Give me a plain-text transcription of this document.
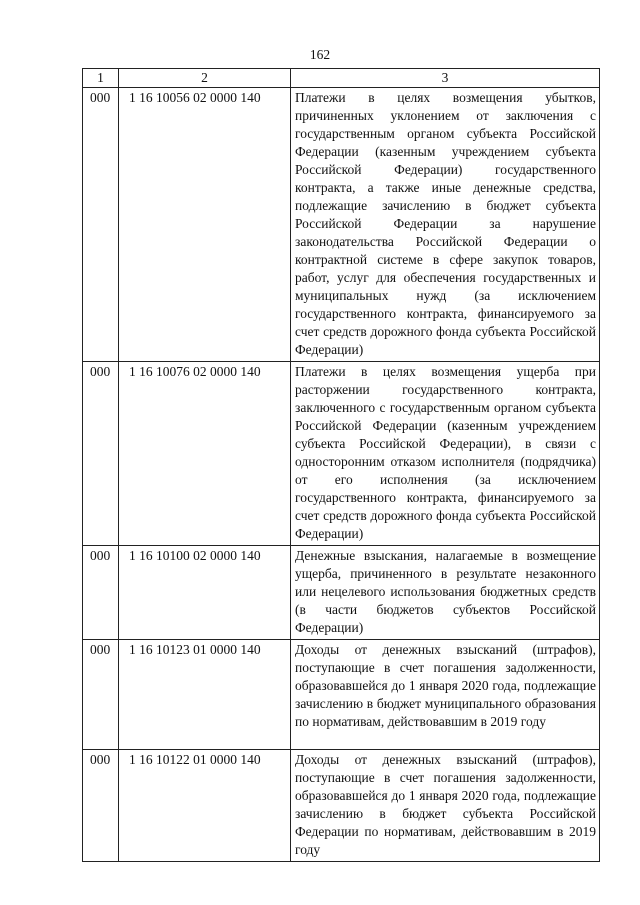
162
1	2	3
000	1 16 10056 02 0000 140	Платежи в целях возмещения убытков, причиненных уклонением от заключения с государственным органом субъекта Российской Федерации (казенным учреждением субъекта Российской Федерации) государственного контракта, а также иные денежные средства, подлежащие зачислению в бюджет субъекта Российской Федерации за нарушение законодательства Российской Федерации о контрактной системе в сфере закупок товаров, работ, услуг для обеспечения государственных и муниципальных нужд (за исключением государственного контракта, финансируемого за счет средств дорожного фонда субъекта Российской Федерации)
000	1 16 10076 02 0000 140	Платежи в целях возмещения ущерба при расторжении государственного контракта, заключенного с государственным органом субъекта Российской Федерации (казенным учреждением субъекта Российской Федерации), в связи с односторонним отказом исполнителя (подрядчика) от его исполнения (за исключением государственного контракта, финансируемого за счет средств дорожного фонда субъекта Российской Федерации)
000	1 16 10100 02 0000 140	Денежные взыскания, налагаемые в возмещение ущерба, причиненного в результате незаконного или нецелевого использования бюджетных средств (в части бюджетов субъектов Российской Федерации)
000	1 16 10123 01 0000 140	Доходы от денежных взысканий (штрафов), поступающие в счет погашения задолженности, образовавшейся до 1 января 2020 года, подлежащие зачислению в бюджет муниципального образования по нормативам, действовавшим в 2019 году
000	1 16 10122 01 0000 140	Доходы от денежных взысканий (штрафов), поступающие в счет погашения задолженности, образовавшейся до 1 января 2020 года, подлежащие зачислению в бюджет субъекта Российской Федерации по нормативам, действовавшим в 2019 году
